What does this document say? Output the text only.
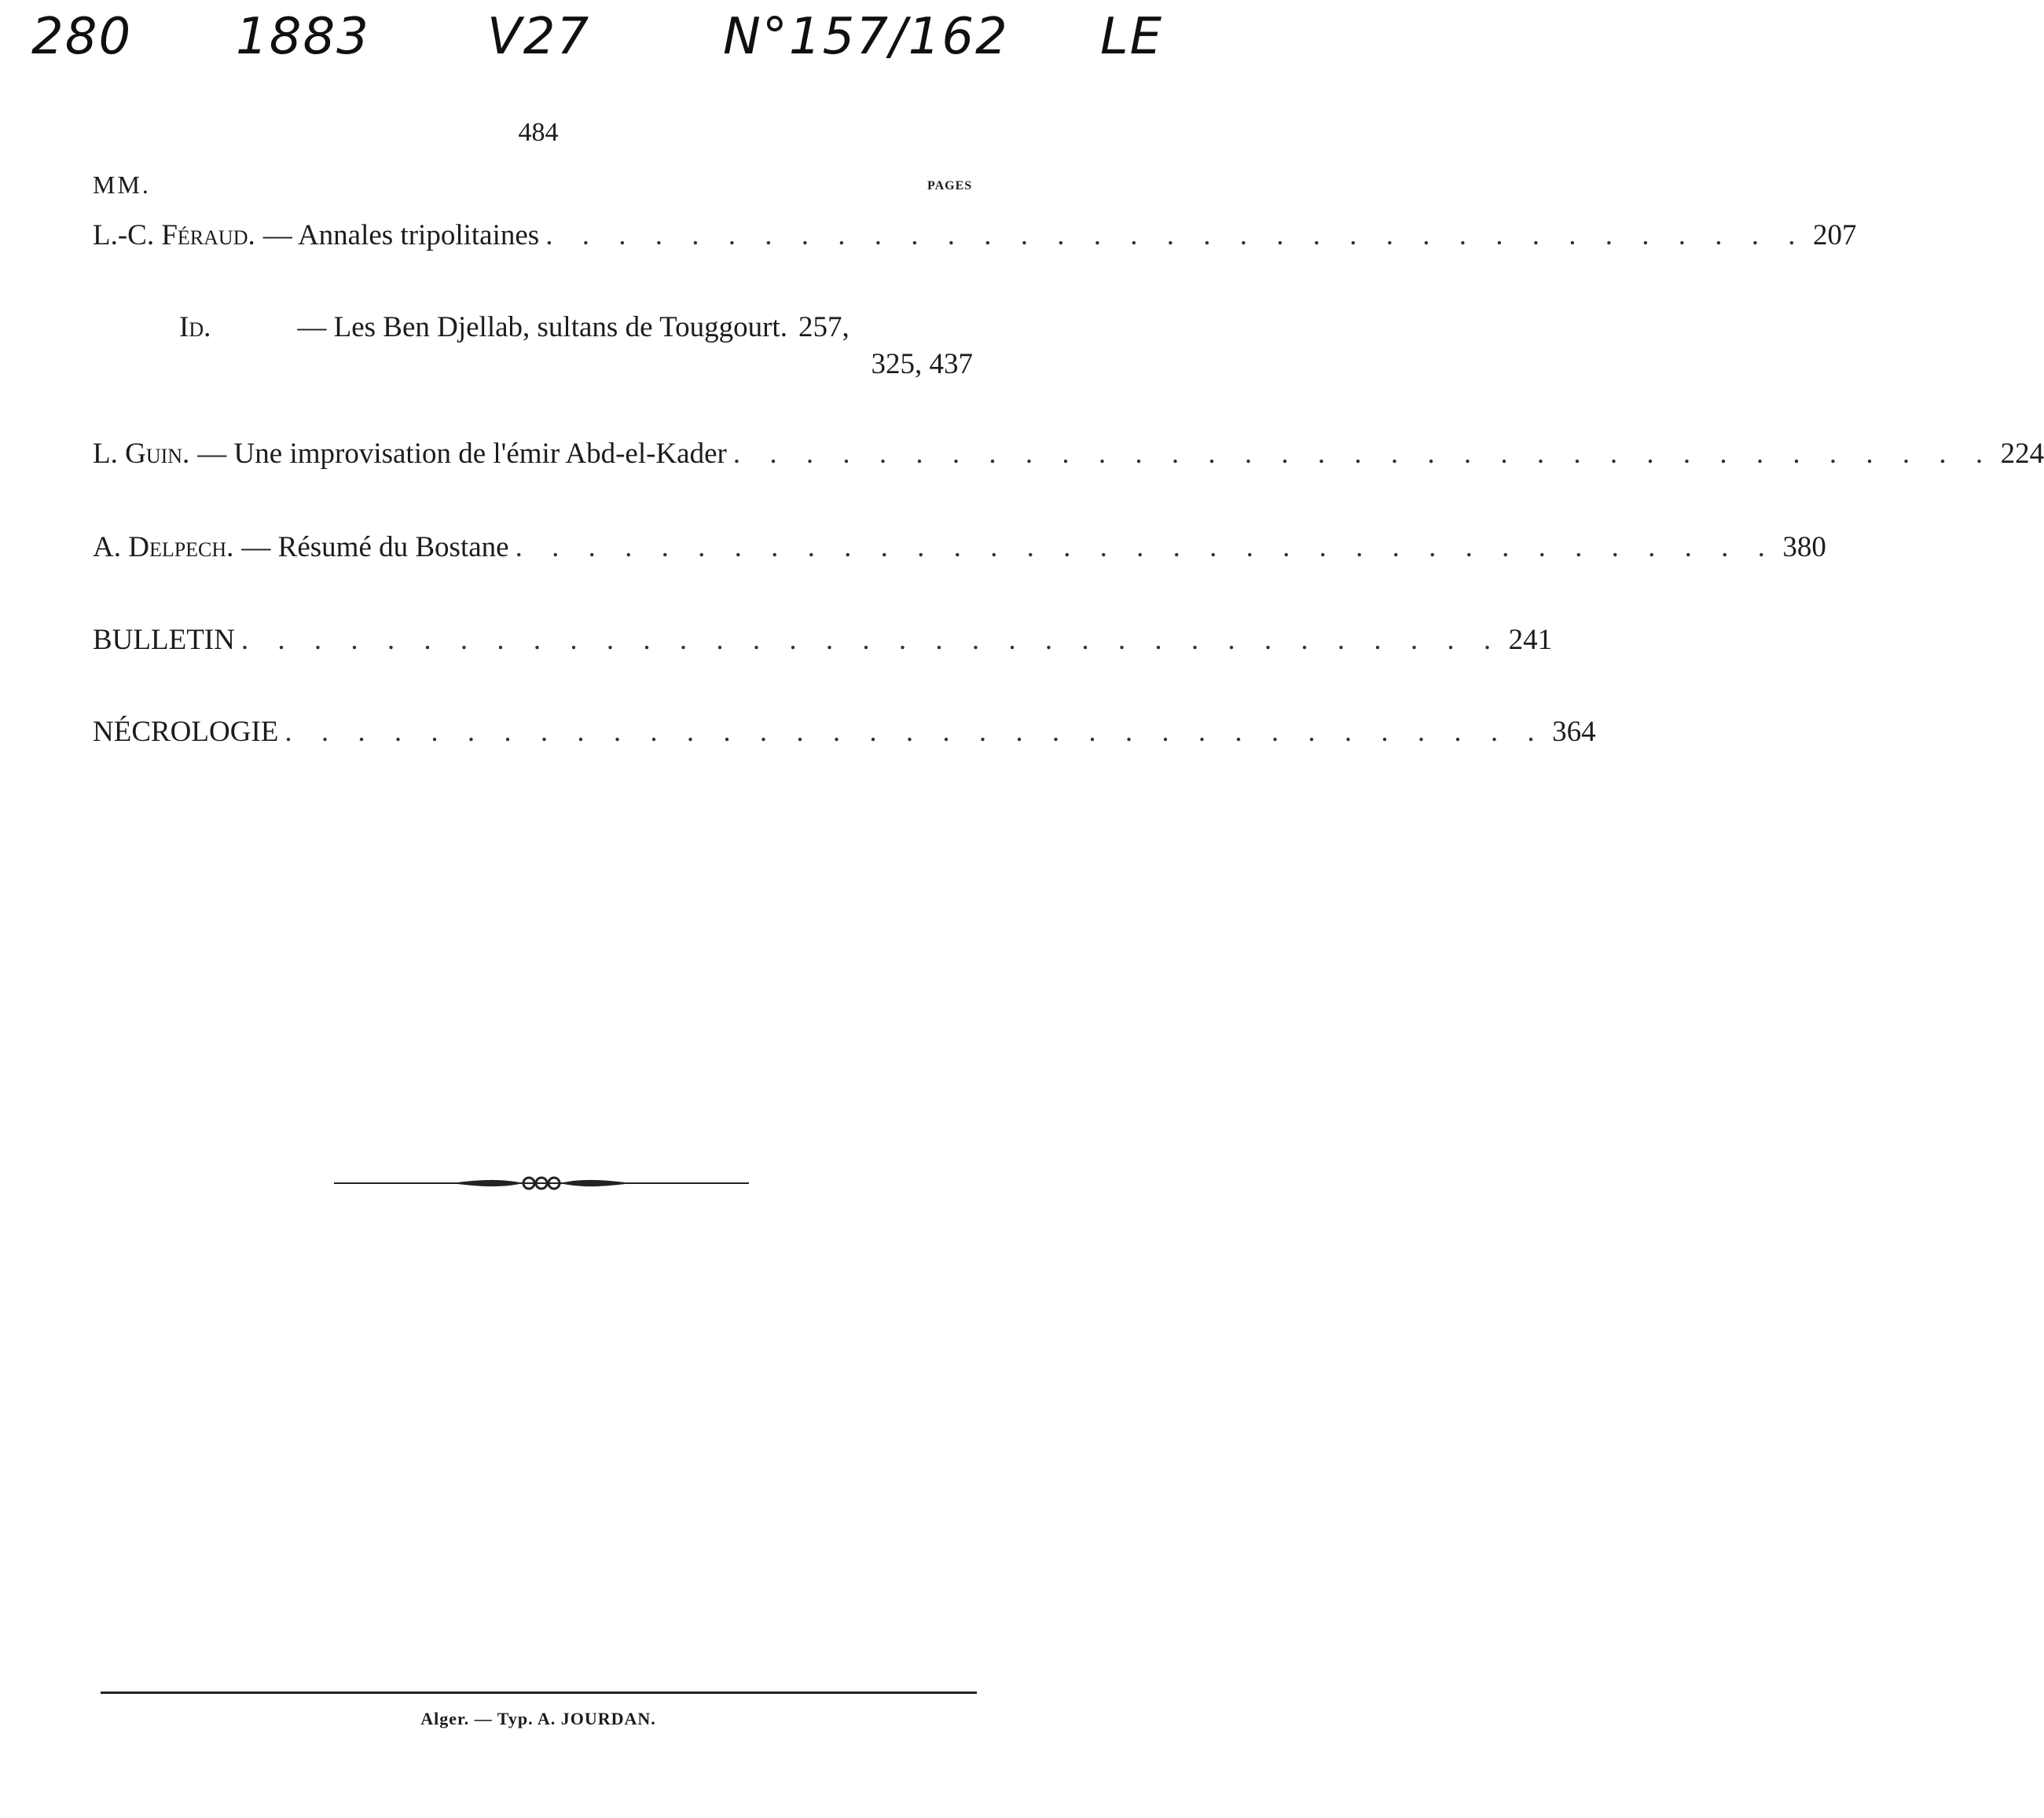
280 1883 V27	N°157/162 LE
484
MM.	PAGES
L.-C. Féraud. — Annales tripolitaines . . . . . . . . . . . . . . . . . . . . . . . . . . . . . . . . . . . 207
Id.	— Les Ben Djellab, sultans de Touggourt. 257,
325, 437
L. Guin. — Une improvisation de l'émir Abd-el-Kader . . . . . . . . . . . . . . . . . . . . . . . . . . . . . . . . . . . 224
A. Delpech. — Résumé du Bostane . . . . . . . . . . . . . . . . . . . . . . . . . . . . . . . . . . . 380
BULLETIN . . . . . . . . . . . . . . . . . . . . . . . . . . . . . . . . . . . 241
NÉCROLOGIE . . . . . . . . . . . . . . . . . . . . . . . . . . . . . . . . . . . 364
Alger. — Typ. A. JOURDAN.
